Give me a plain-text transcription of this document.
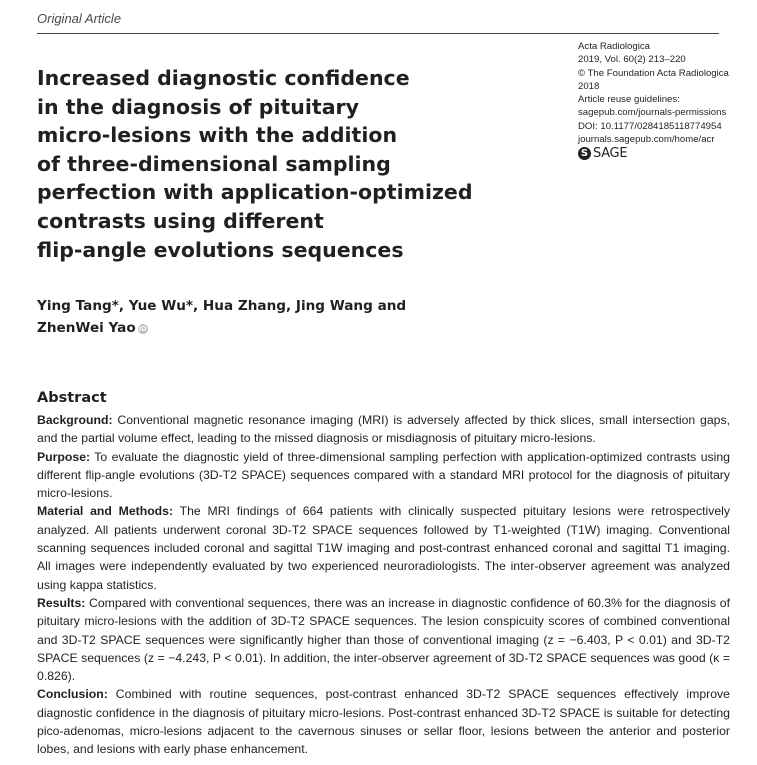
Original Article
Increased diagnostic confidence
in the diagnosis of pituitary
micro-lesions with the addition
of three-dimensional sampling
perfection with application-optimized
contrasts using different
flip-angle evolutions sequences
Acta Radiologica
2019, Vol. 60(2) 213–220
© The Foundation Acta Radiologica
2018
Article reuse guidelines:
sagepub.com/journals-permissions
DOI: 10.1177/0284185118774954
journals.sagepub.com/home/acr
S SAGE
Ying Tang*, Yue Wu*, Hua Zhang, Jing Wang and
ZhenWei Yao iD
Abstract

Background: Conventional magnetic resonance imaging (MRI) is adversely affected by thick slices, small intersection gaps, and the partial volume effect, leading to the missed diagnosis or misdiagnosis of pituitary micro-lesions.

Purpose: To evaluate the diagnostic yield of three-dimensional sampling perfection with application-optimized contrasts using different flip-angle evolutions (3D-T2 SPACE) sequences compared with a standard MRI protocol for the diagnosis of pituitary micro-lesions.

Material and Methods: The MRI findings of 664 patients with clinically suspected pituitary lesions were retrospectively analyzed. All patients underwent coronal 3D-T2 SPACE sequences followed by T1-weighted (T1W) imaging. Conventional scanning sequences included coronal and sagittal T1W imaging and post-contrast enhanced coronal and sagittal T1 imaging. All images were independently evaluated by two experienced neuroradiologists. The inter-observer agreement was analyzed using kappa statistics.

Results: Compared with conventional sequences, there was an increase in diagnostic confidence of 60.3% for the diagnosis of pituitary micro-lesions with the addition of 3D-T2 SPACE sequences. The lesion conspicuity scores of combined conventional and 3D-T2 SPACE sequences were significantly higher than those of conventional imaging (z = −6.403, P < 0.01) and 3D-T2 SPACE sequences (z = −4.243, P < 0.01). In addition, the inter-observer agreement of 3D-T2 SPACE sequences was good (κ = 0.826).

Conclusion: Combined with routine sequences, post-contrast enhanced 3D-T2 SPACE sequences effectively improve diagnostic confidence in the diagnosis of pituitary micro-lesions. Post-contrast enhanced 3D-T2 SPACE is suitable for detecting pico-adenomas, micro-lesions adjacent to the cavernous sinuses or sellar floor, lesions between the anterior and posterior lobes, and lesions with early phase enhancement.
